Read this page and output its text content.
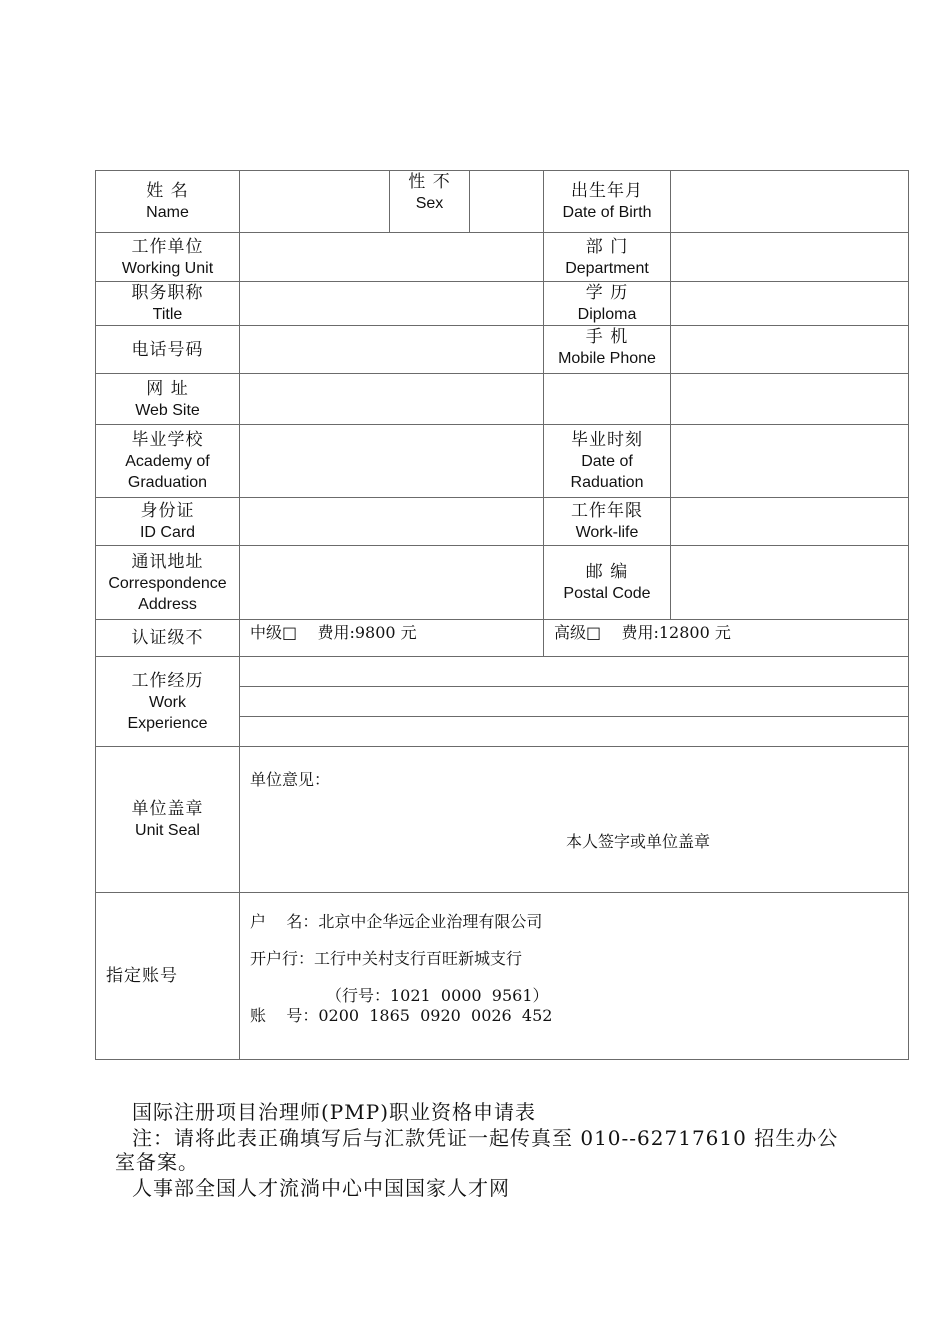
姓 名
Name
性 不
Sex
出生年月
Date of Birth
工作单位
Working Unit
部 门
Department
职务职称
Title
学 历
Diploma
电话号码
手 机
Mobile Phone
网 址
Web Site
毕业学校
Academy of
Graduation
毕业时刻
Date of
Raduation
身份证
ID Card
工作年限
Work-life
通讯地址
Correspondence
Address
邮 编
Postal Code
认证级不	中级□    费用:9800 元	高级□    费用:12800 元
工作经历
Work
Experience
单位盖章
Unit Seal
单位意见：
本人签字或单位盖章
指定账号
户    名：北京中企华远企业治理有限公司
开户行：工行中关村支行百旺新城支行
（行号：1021  0000  9561）
账    号：0200  1865  0920  0026  452
国际注册项目治理师(PMP)职业资格申请表
注：请将此表正确填写后与汇款凭证一起传真至 010--62717610 招生办公
室备案。
人事部全国人才流淌中心中国国家人才网
